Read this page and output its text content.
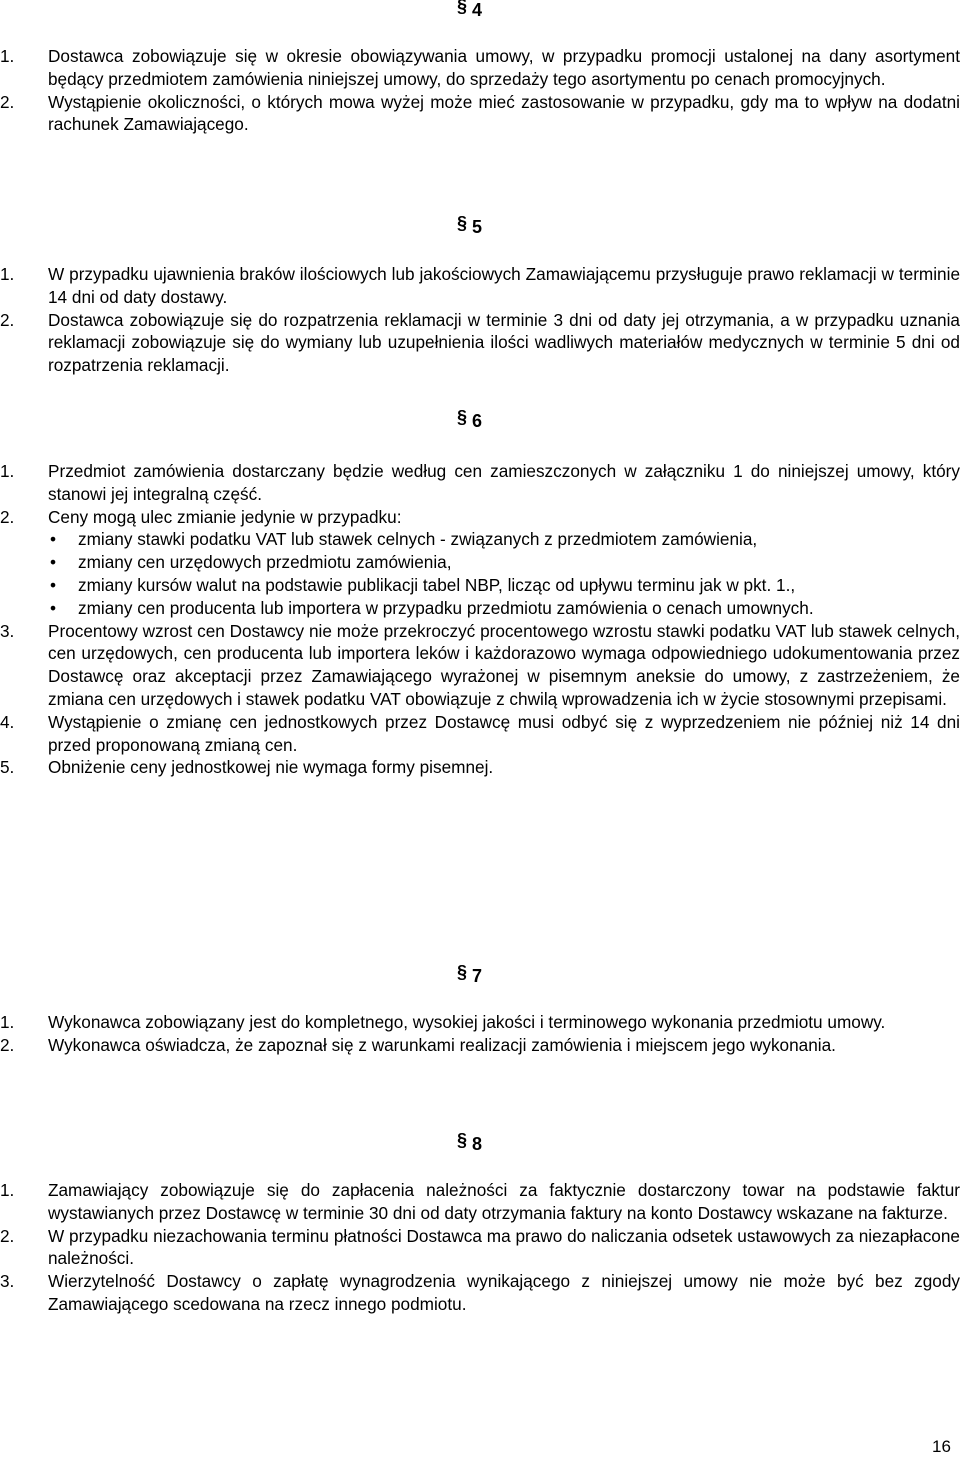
§ 4
1.	Dostawca zobowiązuje się w okresie obowiązywania umowy, w przypadku promocji ustalonej na dany asortyment będący przedmiotem zamówienia niniejszej umowy, do sprzedaży tego asortymentu po cenach promocyjnych.
2.	Wystąpienie okoliczności, o których mowa wyżej może mieć zastosowanie w przypadku, gdy ma to wpływ na dodatni rachunek Zamawiającego.
§ 5
1.	W przypadku ujawnienia braków ilościowych lub jakościowych Zamawiającemu przysługuje prawo reklamacji w terminie 14 dni od daty dostawy.
2.	Dostawca zobowiązuje się do rozpatrzenia reklamacji w terminie 3 dni od daty jej otrzymania, a w przypadku uznania reklamacji zobowiązuje się do wymiany lub uzupełnienia ilości wadliwych materiałów medycznych w terminie 5 dni od rozpatrzenia reklamacji.
§ 6
1.	Przedmiot zamówienia dostarczany będzie według cen zamieszczonych w załączniku 1 do niniejszej umowy, który stanowi jej integralną część.
2.	Ceny mogą ulec zmianie jedynie w przypadku:
•	zmiany stawki podatku VAT lub stawek celnych - związanych z przedmiotem zamówienia,
•	zmiany cen urzędowych przedmiotu zamówienia,
•	zmiany kursów walut na podstawie publikacji tabel NBP, licząc od upływu terminu jak w pkt. 1.,
•	zmiany cen producenta lub importera w przypadku przedmiotu zamówienia o cenach umownych.
3.	Procentowy wzrost cen Dostawcy nie może przekroczyć procentowego wzrostu stawki podatku VAT lub stawek celnych, cen urzędowych, cen producenta lub importera leków i każdorazowo wymaga odpowiedniego udokumentowania przez Dostawcę oraz akceptacji przez Zamawiającego wyrażonej w pisemnym aneksie do umowy, z zastrzeżeniem, że zmiana cen urzędowych i stawek podatku VAT obowiązuje z chwilą wprowadzenia ich w życie stosownymi przepisami.
4.	Wystąpienie o zmianę cen jednostkowych przez Dostawcę musi odbyć się z wyprzedzeniem nie później niż 14 dni przed proponowaną zmianą cen.
5.	Obniżenie ceny jednostkowej nie wymaga formy pisemnej.
§ 7
1.	Wykonawca zobowiązany jest do kompletnego, wysokiej jakości i terminowego wykonania przedmiotu umowy.
2.	Wykonawca oświadcza, że zapoznał się z warunkami realizacji zamówienia i miejscem jego wykonania.
§ 8
1.	Zamawiający zobowiązuje się do zapłacenia należności za faktycznie dostarczony towar na podstawie faktur wystawianych przez Dostawcę w terminie 30 dni od daty otrzymania faktury na konto Dostawcy wskazane na fakturze.
2.	W przypadku niezachowania terminu płatności Dostawca ma prawo do naliczania odsetek ustawowych za niezapłacone należności.
3.	Wierzytelność Dostawcy o zapłatę wynagrodzenia wynikającego z niniejszej umowy nie może być bez zgody Zamawiającego scedowana na rzecz innego podmiotu.
16
